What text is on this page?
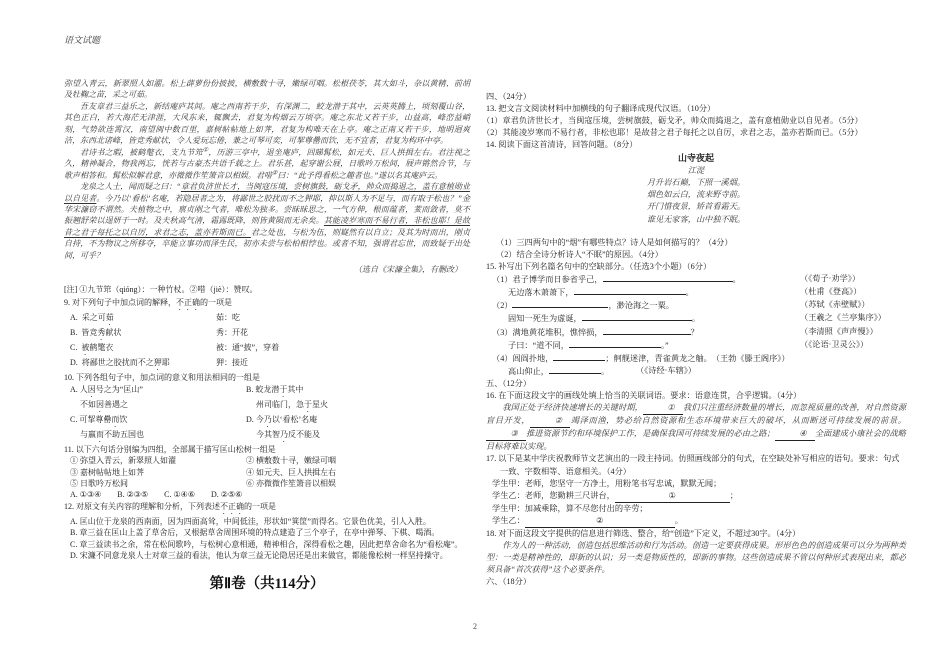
语文试题

弥望入青云，新翠照人如濯。松上薜萝份份披披，横敷数十寻，嫩绿可咽。松根茯苓，其大如斗，杂以黄精、前胡及牡鞠之苗，采之可茹。

吾友章君三益乐之，新结庵庐其间。庵之西南若干步，有深渊二，蛟龙潜于其中，云英英腾上，顷刻覆山谷，其色正白，若大海茫无津涯，大风东来，辄飘去，君复为构烟云万顷亭。庵之东北又若干步，山益高，峰峦益峭刻，气势欲连霄汉，南望闽中数百里，嘉树帖帖地上如荠，君复为构唯天在上亭。庵之正南又若干步，地明迥爽洁，东西北诸峰，皆竞秀献状，令人爱玩忘倦，兼之可琴可奕，可挈尊罍而饮，无不宜者，君复为构环中亭。

君诗书之暇，被鹤氅衣，支九节筇①，历游三亭中，退坐庵庐，回睇髯松，如元夫、巨人拱揖左右。君注视之久，精神凝合，物我两忘，恍若与古豪杰共语千载之上。君乐甚，起穿谢公屐，日歌吟万松间，屐声锵然合节，与歌声相答和。髯松似解君意，亦微微作笙箫音以相娱。君唶②曰：“此予得看松之趣者也。”遂以名其庵庐云。

龙泉之人士，闻而疑之曰：“章君负济世长才，当闽寇压境，尝树旗鼓，砺戈矛，帅众而捣退之，盖有意植勋业以自见者。今乃以‘看松’名庵，若隐居者之为，将鄙世之胶扰而不之狎耶，抑以斯人为不足与，而有取于松也？”金华宋濂窃不谓然。夫植物之中，禀贞刚之气者，唯松为独多。尝昧昧思之，一气方伸，根而蕴者，荄而敛者，莫不振翘舒荣以逞妍于一时。及夫秋高气清，霜露既降，则皆黄陨而无余矣。其能凌岁寒而不易行者，非松也耶！是故昔之君子每托之以自厉，求君之志，盖亦若斯而已。君之处也，与松为伍，则嶷然有以自立；及其为时而出，刚贞自持，不为物议之所移夺，卒能立事功而泽生民，初亦未尝与松柏相悖也。或者不知，强谓君忘世，而致疑于出处间，可乎？

（选自《宋濂全集》，有删改）
[注] ①九节筇（qióng）：一种竹杖。②唶（jiè）：赞叹。
9. 对下列句子中加点词的解释，不正确的一项是
A. 采之可茹	茹：吃
B. 皆竞秀献状	秀：开花
C. 被鹤氅衣	被：通“披”，穿着
D. 将鄙世之胶扰而不之狎耶	狎：接近
10. 下列各组句子中，加点词的意义和用法相同的一组是
A. 人因号之为“匡山”
不如因善遇之
B. 蛟龙潜于其中
州司临门，急于星火
C. 可挈尊罍而饮
与嬴而不助五国也
D. 今乃以‘看松’名庵
今其智乃反不能及
11. 以下六句话分别编为四组，全部属于描写匡山松树一组是
① 弥望入青云，新翠照人如濯	② 横敷数十寻，嫩绿可咽
③ 嘉树帖帖地上如荠	④ 如元夫、巨人拱揖左右
⑤ 日歌吟万松间	⑥ 亦微微作笙箫音以相娱
A. ①③④ B. ②③⑤ C. ①④⑥ D. ②⑤⑥
12. 对原文有关内容的理解和分析，下列表述不正确的一项是
A. 匡山位于龙泉的西南面，因为四面高耸，中间低洼，形状如“箕筐”而得名。它景色优美，引人入胜。
B. 章三益在匡山上盖了草舍后，又根据草舍周围环境的特点建造了三个亭子，在亭中弹琴、下棋、喝酒。
C. 章三益读书之余，常在松间歌吟，与松树心意相通，精神相合，深得看松之趣，因此把草舍命名为“看松庵”。
D. 宋濂不同意龙泉人士对章三益的看法，他认为章三益无论隐居还是出来做官，都能像松树一样坚持操守。
第Ⅱ卷（共114分）
四、（24分）
13. 把文言文阅读材料中加横线的句子翻译成现代汉语。（10分）
（1）章君负济世长才，当闽寇压境，尝树旗鼓，砺戈矛，帅众而捣退之，盖有意植勋业以自见者。（5分）
（2）其能凌岁寒而不易行者，非松也耶！是故昔之君子每托之以自厉，求君之志，盖亦若斯而已。（5分）
14. 阅读下面这首清诗，回答问题。（8分）
山寺夜起
江湜
月升岩石巅，下照一溪烟。
烟色如云白，流来野寺前。
开门惜夜景，矫首看霜天。
谁见无家客，山中独不眠。
（1）三四两句中的“烟”有哪些特点？诗人是如何描写的？（4分）
（2）结合全诗分析诗人“不眠”的原因。（4分）
15. 补写出下列名篇名句中的空缺部分。（任选3个小题）（6分）
（1）君子博学而日参省乎己，	。	（《荀子·劝学》）
无边落木萧萧下，	。	（杜甫《登高》）
（2）	，渺沧海之一粟。	（苏轼《赤壁赋》）
固知一死生为虚诞，	。	（王羲之《兰亭集序》）
（3）满地黄花堆积，憔悴损，	？	（李清照《声声慢》）
子曰：“道不同，	。”	（《论语·卫灵公》）
（4）闾阎扑地，	；舸舰迷津，青雀黄龙之舳。 （王勃《滕王阁序》）
高山仰止，	。	（《诗经·车辖》）
五、（12分）
16. 在下面这段文字的画线处填上恰当的关联词语。要求：语意连贯，合乎逻辑。（4分）

我国正处于经济快速增长的关键时期，	① 我们只注重经济数量的增长，而忽视质量的改善，对自然资源盲目开发，	② 竭泽而渔，势必给自然资源和生态环境带来巨大的破坏，从而断送可持续发展的前景。③ 推进资源节约和环境保护工作，是确保我国可持续发展的必由之路；	④ 全面建成小康社会的战略目标将难以实现。

17. 以下是某中学庆祝教师节文艺演出的一段主持词。仿照画线部分的句式，在空缺处补写相应的语句。要求：句式一致、字数相等、语意相关。（4分）
学生甲：老师，您坚守一方净土，用粉笔书写忠诚，默默无闻；
学生乙：老师，您勤耕三尺讲台，	①	；
学生甲：加减乘除，算不尽您付出的辛劳；
学生乙：	②	。
18. 对下面这段文字提供的信息进行筛选、整合，给“创造”下定义，不超过30字。（4分）

作为人的一种活动，创造包括思维活动和行为活动。创造一定要获得成果。形形色色的创造成果可以分为两种类型：一类是精神性的，即新的认识；另一类是物质性的，即新的事物。这些创造成果不管以何种形式表现出来，都必须具备“首次获得”这个必要条件。

六、（18分）
2
